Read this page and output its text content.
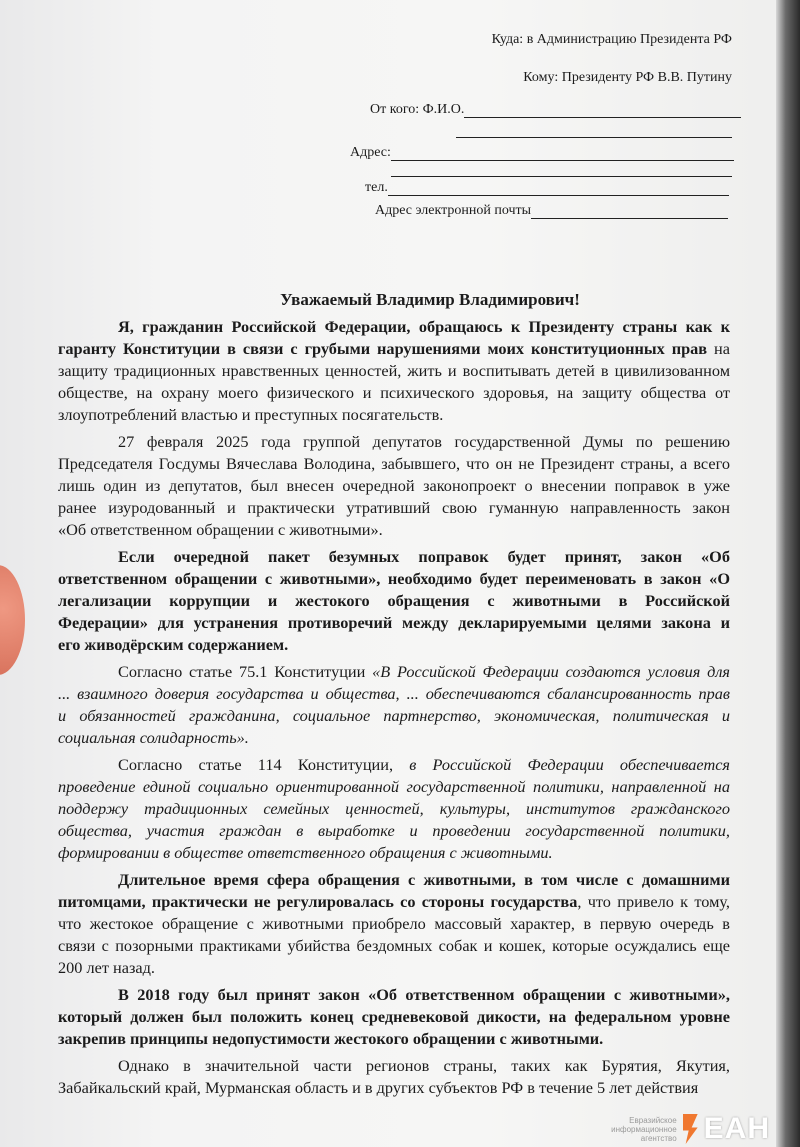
Куда: в Администрацию Президента РФ
Кому: Президенту РФ В.В. Путину
От кого: Ф.И.О.
Адрес:
тел.
Адрес электронной почты
Уважаемый Владимир Владимирович!
Я, гражданин Российской Федерации, обращаюсь к Президенту страны как к
гаранту Конституции в связи с грубыми нарушениями моих конституционных прав на
защиту традиционных нравственных ценностей, жить и воспитывать детей в цивилизованном
обществе, на охрану моего физического и психического здоровья, на защиту общества от
злоупотреблений властью и преступных посягательств.
27 февраля 2025 года группой депутатов государственной Думы по решению
Председателя Госдумы Вячеслава Володина, забывшего, что он не Президент страны, а всего
лишь один из депутатов, был внесен очередной законопроект о внесении поправок в уже
ранее изуродованный и практически утративший свою гуманную направленность закон
«Об ответственном обращении с животными».
Если очередной пакет безумных поправок будет принят, закон «Об
ответственном обращении с животными», необходимо будет переименовать в закон «О
легализации коррупции и жестокого обращения с животными в Российской
Федерации» для устранения противоречий между декларируемыми целями закона и
его живодёрским содержанием.
Согласно статье 75.1 Конституции «В Российской Федерации создаются условия для
... взаимного доверия государства и общества, ... обеспечиваются сбалансированность прав
и обязанностей гражданина, социальное партнерство, экономическая, политическая и
социальная солидарность».
Согласно статье 114 Конституции, в Российской Федерации обеспечивается
проведение единой социально ориентированной государственной политики, направленной на
поддержу традиционных семейных ценностей, культуры, институтов гражданского
общества, участия граждан в выработке и проведении государственной политики,
формировании в обществе ответственного обращения с животными.
Длительное время сфера обращения с животными, в том числе с домашними
питомцами, практически не регулировалась со стороны государства, что привело к тому,
что жестокое обращение с животными приобрело массовый характер, в первую очередь в
связи с позорными практиками убийства бездомных собак и кошек, которые осуждались еще
200 лет назад.
В 2018 году был принят закон «Об ответственном обращении с животными»,
который должен был положить конец средневековой дикости, на федеральном уровне
закрепив принципы недопустимости жестокого обращении с животными.
Однако в значительной части регионов страны, таких как Бурятия, Якутия,
Забайкальский край, Мурманская область и в других субъектов РФ в течение 5 лет действия
Евразийское информационное агентство ЕАН
